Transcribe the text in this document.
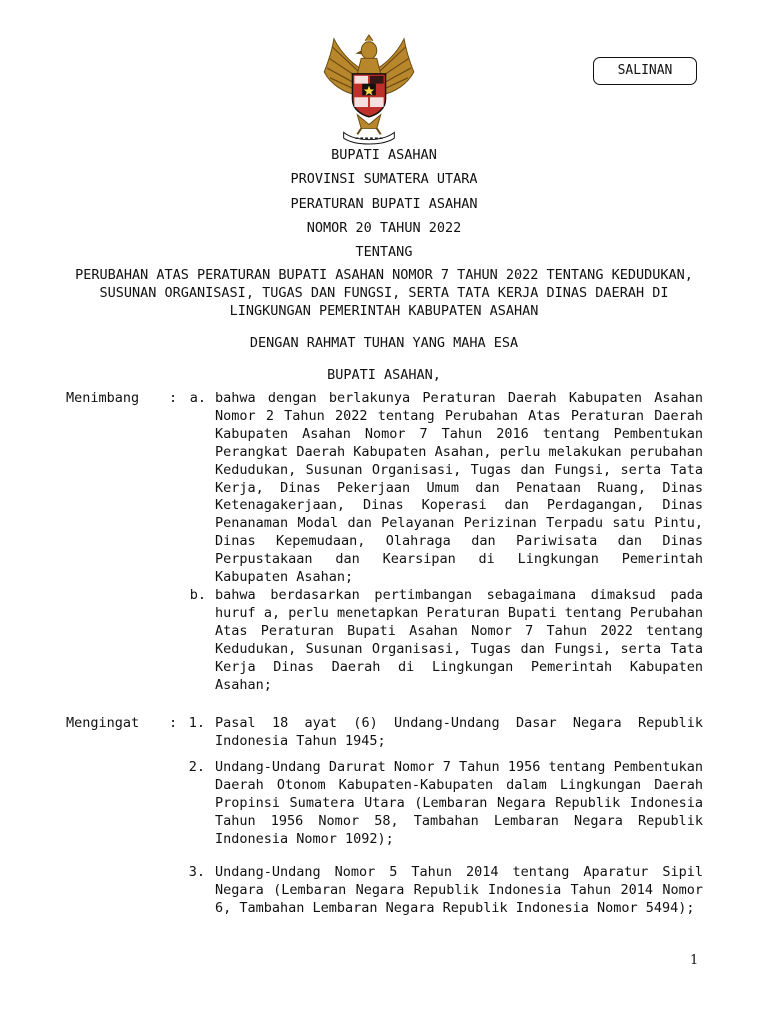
SALINAN
BUPATI ASAHAN
PROVINSI SUMATERA UTARA
PERATURAN BUPATI ASAHAN
NOMOR 20 TAHUN 2022
TENTANG
PERUBAHAN ATAS PERATURAN BUPATI ASAHAN NOMOR 7 TAHUN 2022 TENTANG KEDUDUKAN, SUSUNAN ORGANISASI, TUGAS DAN FUNGSI, SERTA TATA KERJA DINAS DAERAH DI LINGKUNGAN PEMERINTAH KABUPATEN ASAHAN
DENGAN RAHMAT TUHAN YANG MAHA ESA
BUPATI ASAHAN,
Menimbang : a. bahwa dengan berlakunya Peraturan Daerah Kabupaten Asahan Nomor 2 Tahun 2022 tentang Perubahan Atas Peraturan Daerah Kabupaten Asahan Nomor 7 Tahun 2016 tentang Pembentukan Perangkat Daerah Kabupaten Asahan, perlu melakukan perubahan Kedudukan, Susunan Organisasi, Tugas dan Fungsi, serta Tata Kerja, Dinas Pekerjaan Umum dan Penataan Ruang, Dinas Ketenagakerjaan, Dinas Koperasi dan Perdagangan, Dinas Penanaman Modal dan Pelayanan Perizinan Terpadu satu Pintu, Dinas Kepemudaan, Olahraga dan Pariwisata dan Dinas Perpustakaan dan Kearsipan di Lingkungan Pemerintah Kabupaten Asahan;
b. bahwa berdasarkan pertimbangan sebagaimana dimaksud pada huruf a, perlu menetapkan Peraturan Bupati tentang Perubahan Atas Peraturan Bupati Asahan Nomor 7 Tahun 2022 tentang Kedudukan, Susunan Organisasi, Tugas dan Fungsi, serta Tata Kerja Dinas Daerah di Lingkungan Pemerintah Kabupaten Asahan;
Mengingat : 1. Pasal 18 ayat (6) Undang-Undang Dasar Negara Republik Indonesia Tahun 1945;
2. Undang-Undang Darurat Nomor 7 Tahun 1956 tentang Pembentukan Daerah Otonom Kabupaten-Kabupaten dalam Lingkungan Daerah Propinsi Sumatera Utara (Lembaran Negara Republik Indonesia Tahun 1956 Nomor 58, Tambahan Lembaran Negara Republik Indonesia Nomor 1092);
3. Undang-Undang Nomor 5 Tahun 2014 tentang Aparatur Sipil Negara (Lembaran Negara Republik Indonesia Tahun 2014 Nomor 6, Tambahan Lembaran Negara Republik Indonesia Nomor 5494);
1
